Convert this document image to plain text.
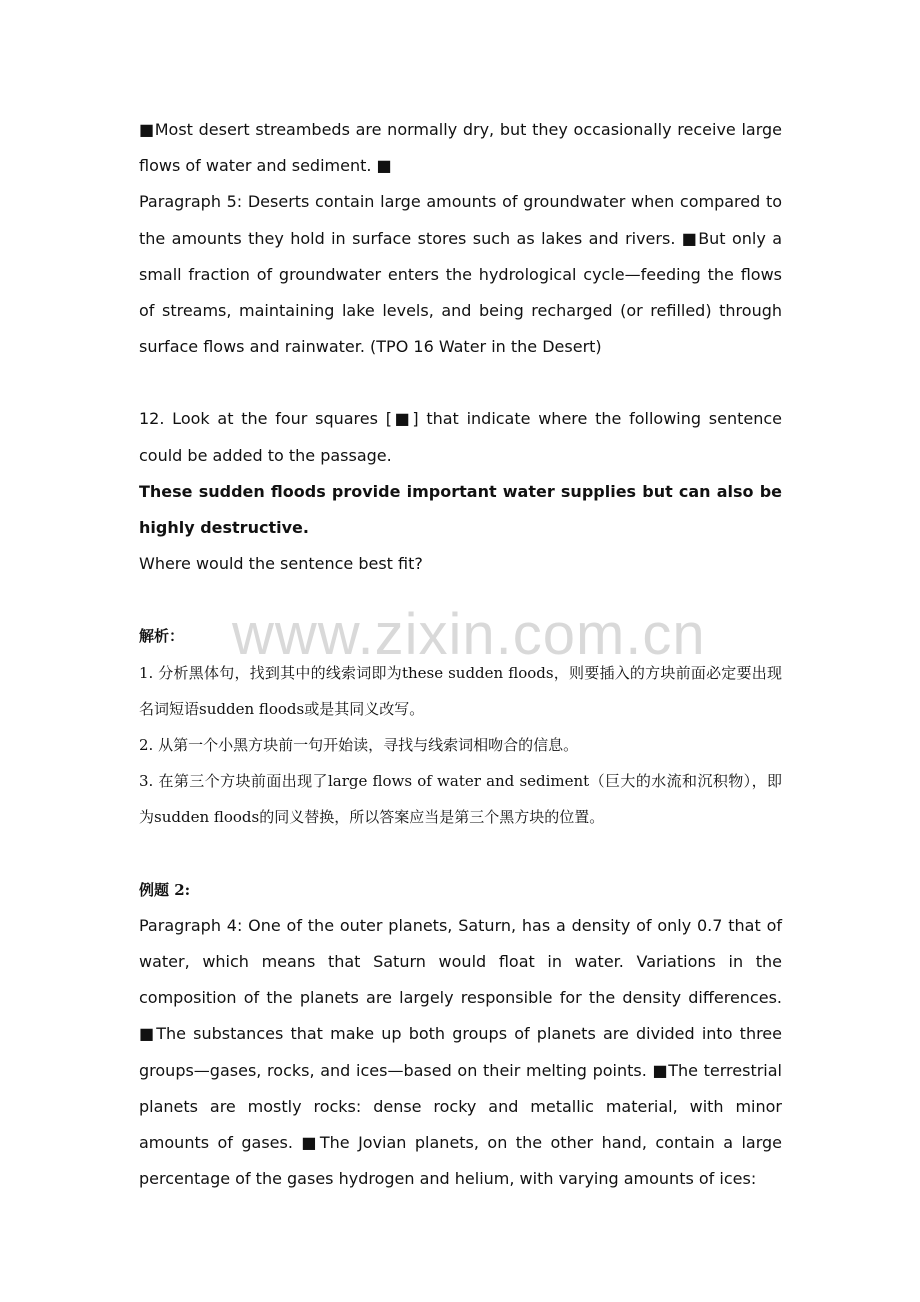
www.zixin.com.cn

■Most desert streambeds are normally dry, but they occasionally receive large flows of water and sediment. ■

Paragraph 5: Deserts contain large amounts of groundwater when compared to the amounts they hold in surface stores such as lakes and rivers. ■But only a small fraction of groundwater enters the hydrological cycle—feeding the flows of streams, maintaining lake levels, and being recharged (or refilled) through surface flows and rainwater. (TPO 16 Water in the Desert)

12. Look at the four squares [■] that indicate where the following sentence could be added to the passage.

These sudden floods provide important water supplies but can also be highly destructive.

Where would the sentence best fit?

解析：

1. 分析黑体句，找到其中的线索词即为these sudden floods，则要插入的方块前面必定要出现名词短语sudden floods或是其同义改写。

2. 从第一个小黑方块前一句开始读，寻找与线索词相吻合的信息。

3. 在第三个方块前面出现了large flows of water and sediment（巨大的水流和沉积物），即为sudden floods的同义替换，所以答案应当是第三个黑方块的位置。

例题 2:

Paragraph 4: One of the outer planets, Saturn, has a density of only 0.7 that of water, which means that Saturn would float in water. Variations in the composition of the planets are largely responsible for the density differences. ■The substances that make up both groups of planets are divided into three groups—gases, rocks, and ices—based on their melting points. ■The terrestrial planets are mostly rocks: dense rocky and metallic material, with minor amounts of gases. ■The Jovian planets, on the other hand, contain a large percentage of the gases hydrogen and helium, with varying amounts of ices:
